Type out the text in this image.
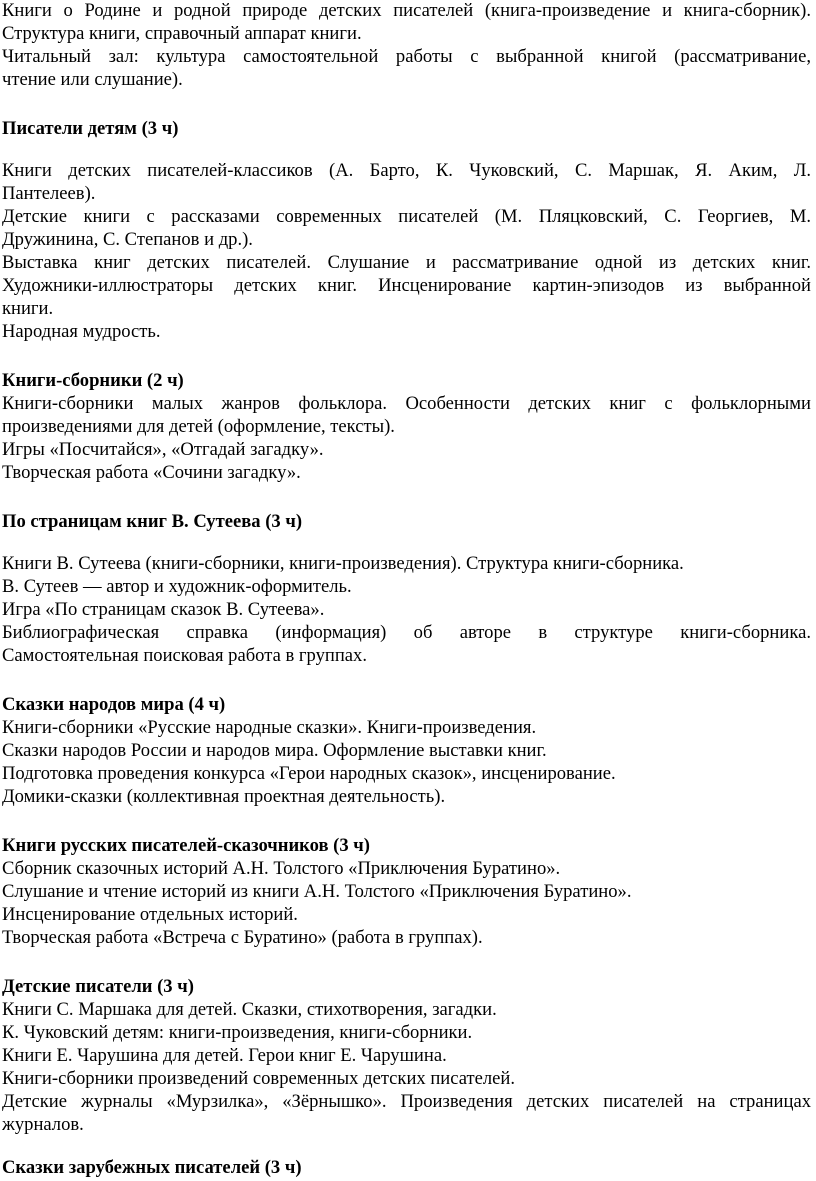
Книги о Родине и родной природе детских писателей (книга-произведение и книга-сборник).
Структура книги, справочный аппарат книги.
Читальный зал: культура самостоятельной работы с выбранной книгой (рассматривание,
чтение или слушание).
Писатели детям (3 ч)
Книги детских писателей-классиков (А. Барто, К. Чуковский, С. Маршак, Я. Аким, Л.
Пантелеев).
Детские книги с рассказами современных писателей (М. Пляцковский, С. Георгиев, М.
Дружинина, С. Степанов и др.).
Выставка книг детских писателей. Слушание и рассматривание одной из детских книг.
Художники-иллюстраторы детских книг. Инсценирование картин-эпизодов из выбранной
книги.
Народная мудрость.
Книги-сборники (2 ч)
Книги-сборники малых жанров фольклора. Особенности детских книг с фольклорными
произведениями для детей (оформление, тексты).
Игры «Посчитайся», «Отгадай загадку».
Творческая работа «Сочини загадку».
По страницам книг В. Сутеева (3 ч)
Книги В. Сутеева (книги-сборники, книги-произведения). Структура книги-сборника.
В. Сутеев — автор и художник-оформитель.
Игра «По страницам сказок В. Сутеева».
Библиографическая справка (информация) об авторе в структуре книги-сборника.
Самостоятельная поисковая работа в группах.
Сказки народов мира (4 ч)
Книги-сборники «Русские народные сказки». Книги-произведения.
Сказки народов России и народов мира. Оформление выставки книг.
Подготовка проведения конкурса «Герои народных сказок», инсценирование.
Домики-сказки (коллективная проектная деятельность).
Книги русских писателей-сказочников (3 ч)
Сборник сказочных историй А.Н. Толстого «Приключения Буратино».
Слушание и чтение историй из книги А.Н. Толстого «Приключения Буратино».
Инсценирование отдельных историй.
Творческая работа «Встреча с Буратино» (работа в группах).
Детские писатели (3 ч)
Книги С. Маршака для детей. Сказки, стихотворения, загадки.
К. Чуковский детям: книги-произведения, книги-сборники.
Книги Е. Чарушина для детей. Герои книг Е. Чарушина.
Книги-сборники произведений современных детских писателей.
Детские журналы «Мурзилка», «Зёрнышко». Произведения детских писателей на страницах
журналов.
Сказки зарубежных писателей (3 ч)
